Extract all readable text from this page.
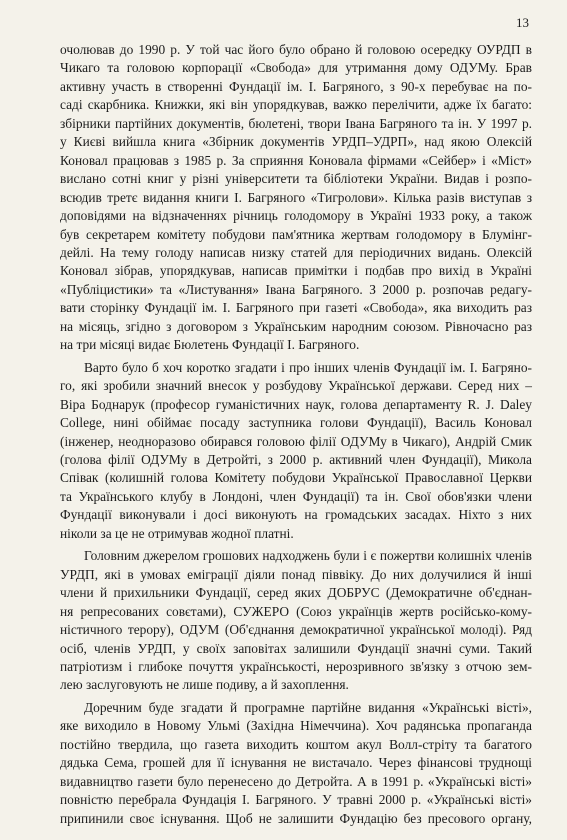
13

очолював до 1990 р. У той час його було обрано й головою осередку ОУРДП в
Чикаго та головою корпорації «Свобода» для утримання дому ОДУМу. Брав
активну участь в створенні Фундації ім. І. Багряного, з 90-х перебуває на по-
саді скарбника. Книжки, які він упорядкував, важко перелічити, адже їх багато:
збірники партійних документів, бюлетені, твори Івана Багряного та ін. У 1997 р.
у Києві вийшла книга «Збірник документів УРДП–УДРП», над якою Олексій
Коновал працював з 1985 р. За сприяння Коновала фірмами «Сейбер» і «Міст»
вислано сотні книг у різні університети та бібліотеки України. Видав і розпо-
всюдив третє видання книги І. Багряного «Тигролови». Кілька разів виступав з
доповідями на відзначеннях річниць голодомору в Україні 1933 року, а також
був секретарем комітету побудови пам'ятника жертвам голодомору в Блумінг-
дейлі. На тему голоду написав низку статей для періодичних видань. Олексій
Коновал зібрав, упорядкував, написав примітки і подбав про вихід в Україні
«Публіцистики» та «Листування» Івана Багряного. З 2000 р. розпочав редагу-
вати сторінку Фундації ім. І. Багряного при газеті «Свобода», яка виходить раз
на місяць, згідно з договором з Українським народним союзом. Рівночасно раз
на три місяці видає Бюлетень Фундації І. Багряного.

Варто було б хоч коротко згадати і про інших членів Фундації ім. І. Багряно-
го, які зробили значний внесок у розбудову Української держави. Серед них –
Віра Боднарук (професор гуманістичних наук, голова департаменту R. J. Daley
College, нині обіймає посаду заступника голови Фундації), Василь Коновал
(інженер, неодноразово обирався головою філії ОДУМу в Чикаго), Андрій Смик
(голова філії ОДУМу в Детройті, з 2000 р. активний член Фундації), Микола
Співак (колишній голова Комітету побудови Української Православної Церкви
та Українського клубу в Лондоні, член Фундації) та ін. Свої обов'язки члени
Фундації виконували і досі виконують на громадських засадах. Ніхто з них
ніколи за це не отримував жодної платні.

Головним джерелом грошових надходжень були і є пожертви колишніх членів
УРДП, які в умовах еміграції діяли понад піввіку. До них долучилися й інші
члени й прихильники Фундації, серед яких ДОБРУС (Демократичне об'єднан-
ня репресованих совєтами), СУЖЕРО (Союз українців жертв російсько-кому-
ністичного терору), ОДУМ (Об'єднання демократичної української молоді). Ряд
осіб, членів УРДП, у своїх заповітах залишили Фундації значні суми. Такий
патріотизм і глибоке почуття українськості, нерозривного зв'язку з отчою зем-
лею заслуговують не лише подиву, а й захоплення.

Доречним буде згадати й програмне партійне видання «Українські вісті»,
яке виходило в Новому Ульмі (Західна Німеччина). Хоч радянська пропаганда
постійно твердила, що газета виходить коштом акул Волл-стріту та багатого
дядька Сема, грошей для її існування не вистачало. Через фінансові труднощі
видавництво газети було перенесено до Детройта. А в 1991 р. «Українські вісті»
повністю перебрала Фундація І. Багряного. У травні 2000 р. «Українські вісті»
припинили своє існування. Щоб не залишити Фундацію без пресового органу,
